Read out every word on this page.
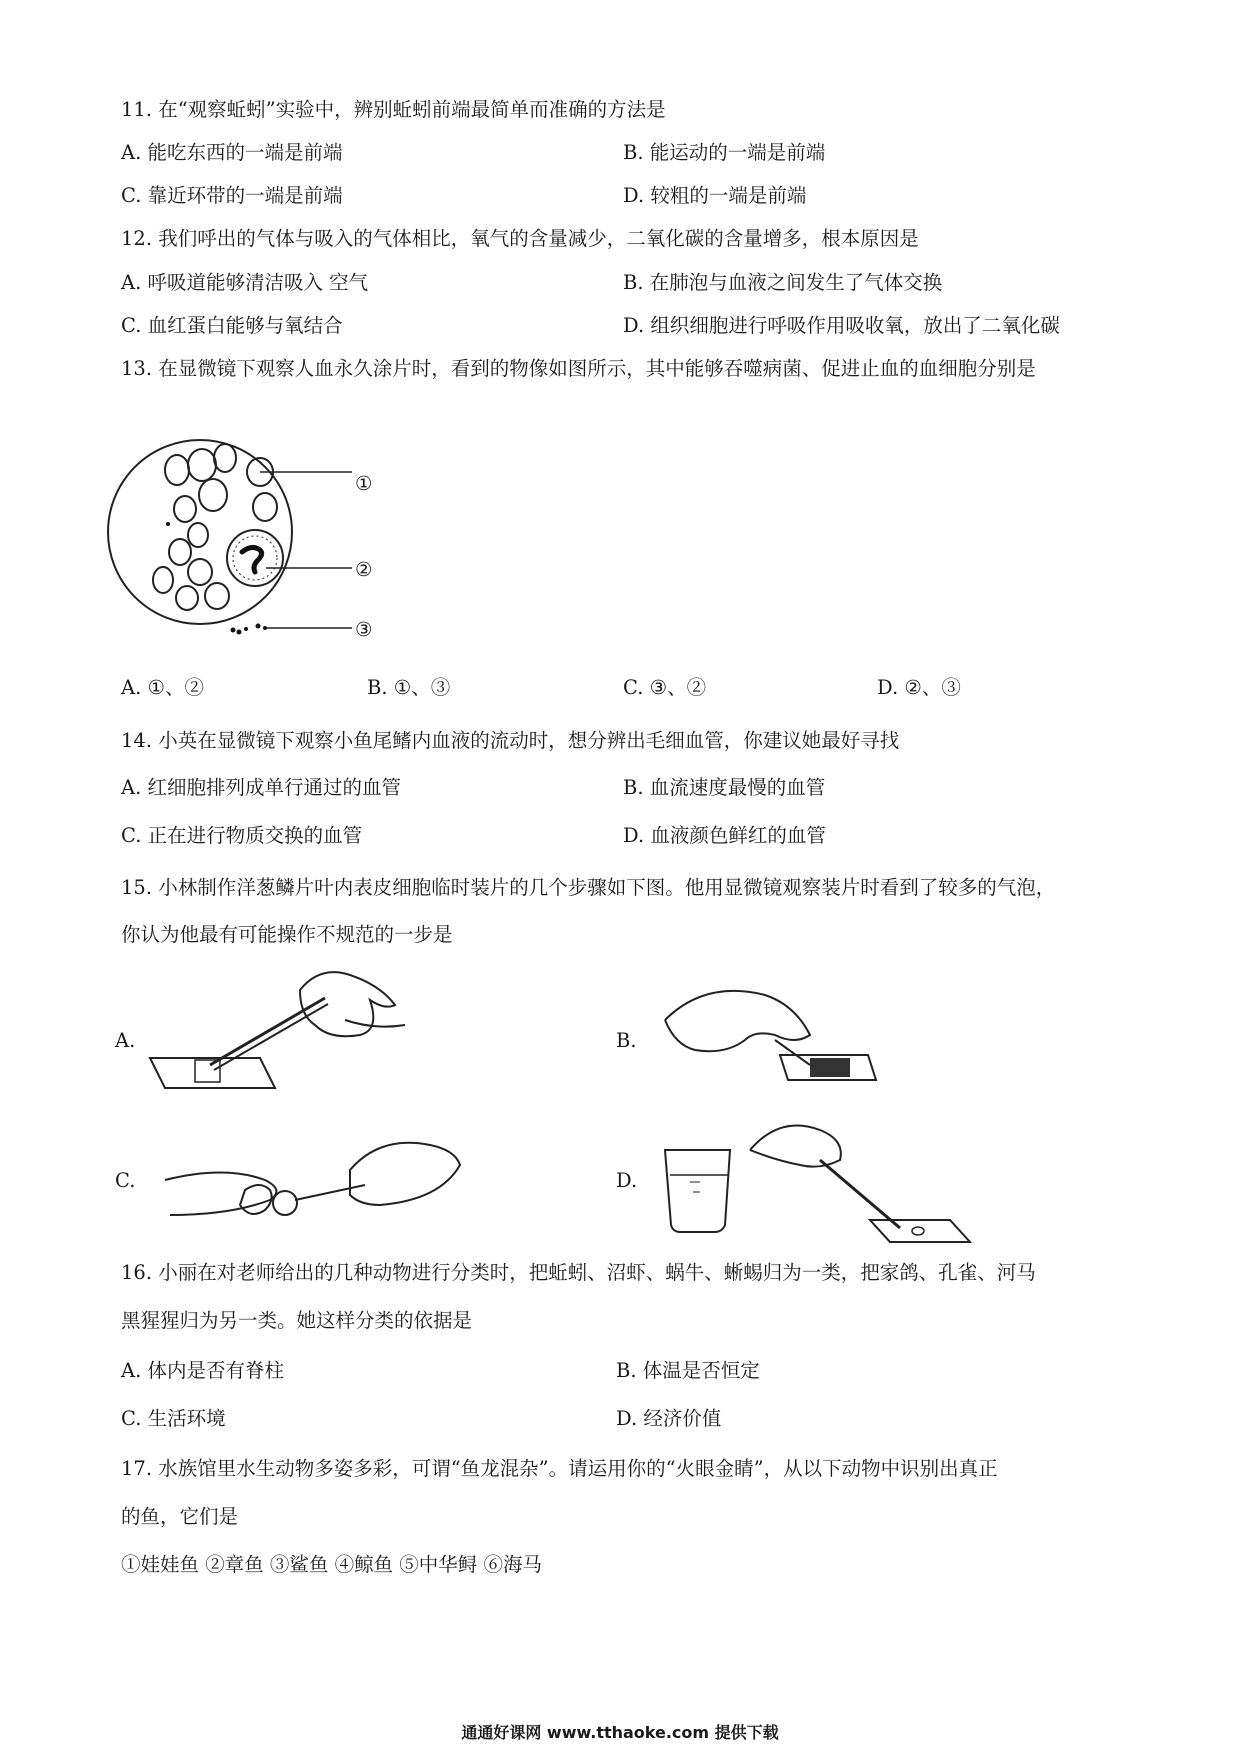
11. 在“观察蚯蚓”实验中，辨别蚯蚓前端最简单而准确的方法是
A. 能吃东西的一端是前端	B. 能运动的一端是前端
C. 靠近环带的一端是前端	D. 较粗的一端是前端
12. 我们呼出的气体与吸入的气体相比，氧气的含量减少，二氧化碳的含量增多，根本原因是
A. 呼吸道能够清洁吸入 空气	B. 在肺泡与血液之间发生了气体交换
C. 血红蛋白能够与氧结合	D. 组织细胞进行呼吸作用吸收氧，放出了二氧化碳
13. 在显微镜下观察人血永久涂片时，看到的物像如图所示，其中能够吞噬病菌、促进止血的血细胞分别是
①
②
③
A. ①、②	B. ①、③	C. ③、②	D. ②、③
14. 小英在显微镜下观察小鱼尾鳍内血液的流动时，想分辨出毛细血管，你建议她最好寻找
A. 红细胞排列成单行通过的血管	B. 血流速度最慢的血管
C. 正在进行物质交换的血管	D. 血液颜色鲜红的血管
15. 小林制作洋葱鳞片叶内表皮细胞临时装片的几个步骤如下图。他用显微镜观察装片时看到了较多的气泡，
你认为他最有可能操作不规范的一步是
A.	B.
C.	D.
16. 小丽在对老师给出的几种动物进行分类时，把蚯蚓、沼虾、蜗牛、蜥蜴归为一类，把家鸽、孔雀、河马
黑猩猩归为另一类。她这样分类的依据是
A. 体内是否有脊柱	B. 体温是否恒定
C. 生活环境	D. 经济价值
17. 水族馆里水生动物多姿多彩，可谓“鱼龙混杂”。请运用你的“火眼金睛”，从以下动物中识别出真正
的鱼，它们是
①娃娃鱼 ②章鱼 ③鲨鱼 ④鲸鱼 ⑤中华鲟 ⑥海马
通通好课网 www.tthaoke.com 提供下载
